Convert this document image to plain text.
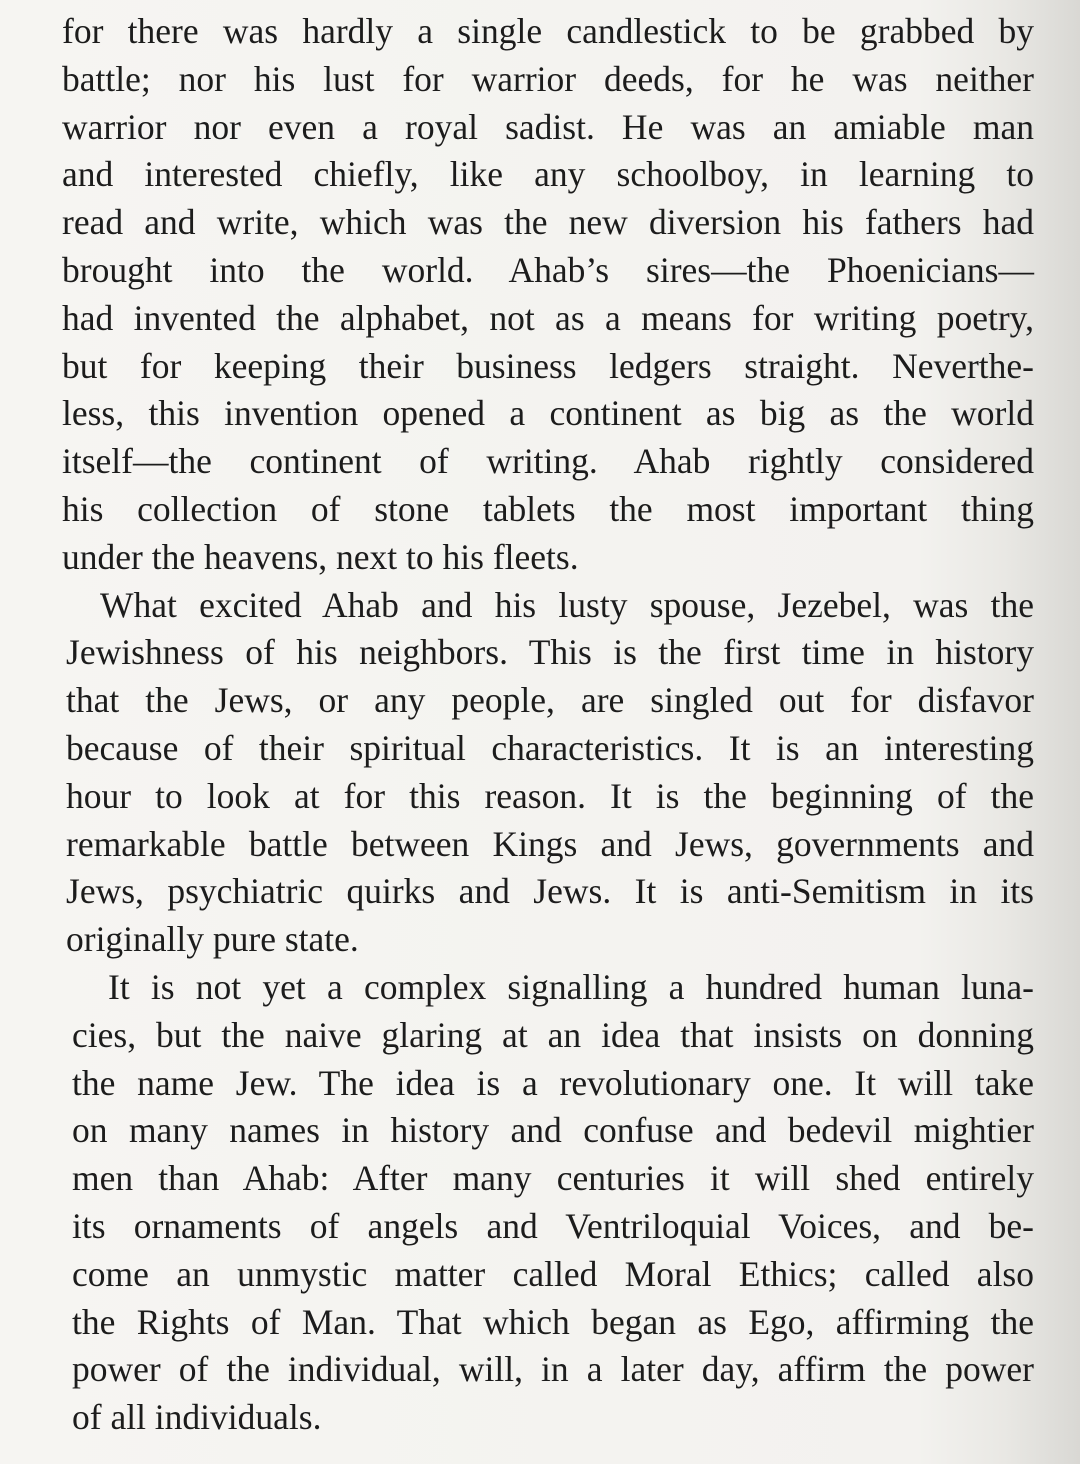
for there was hardly a single candlestick to be grabbed by
battle; nor his lust for warrior deeds, for he was neither
warrior nor even a royal sadist. He was an amiable man
and interested chiefly, like any schoolboy, in learning to
read and write, which was the new diversion his fathers had
brought into the world. Ahab’s sires—the Phoenicians—
had invented the alphabet, not as a means for writing poetry,
but for keeping their business ledgers straight. Neverthe-
less, this invention opened a continent as big as the world
itself—the continent of writing. Ahab rightly considered
his collection of stone tablets the most important thing
under the heavens, next to his fleets.
What excited Ahab and his lusty spouse, Jezebel, was the
Jewishness of his neighbors. This is the first time in history
that the Jews, or any people, are singled out for disfavor
because of their spiritual characteristics. It is an interesting
hour to look at for this reason. It is the beginning of the
remarkable battle between Kings and Jews, governments and
Jews, psychiatric quirks and Jews. It is anti-Semitism in its
originally pure state.
It is not yet a complex signalling a hundred human luna-
cies, but the naive glaring at an idea that insists on donning
the name Jew. The idea is a revolutionary one. It will take
on many names in history and confuse and bedevil mightier
men than Ahab: After many centuries it will shed entirely
its ornaments of angels and Ventriloquial Voices, and be-
come an unmystic matter called Moral Ethics; called also
the Rights of Man. That which began as Ego, affirming the
power of the individual, will, in a later day, affirm the power
of all individuals.
